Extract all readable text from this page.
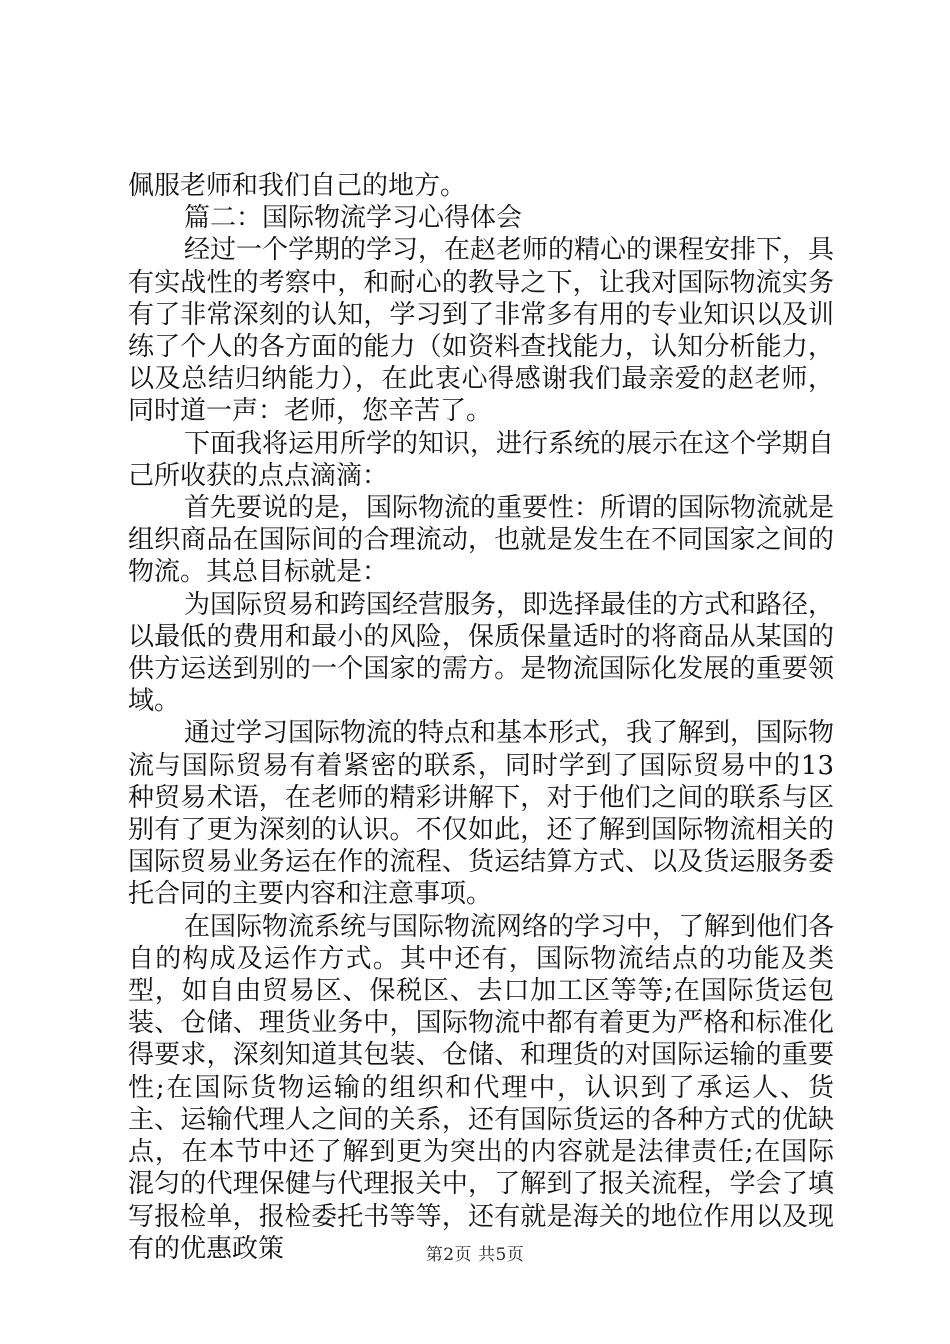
佩服老师和我们自己的地方。

篇二：国际物流学习心得体会

经过一个学期的学习，在赵老师的精心的课程安排下，具有实战性的考察中，和耐心的教导之下，让我对国际物流实务有了非常深刻的认知，学习到了非常多有用的专业知识以及训练了个人的各方面的能力（如资料查找能力，认知分析能力，以及总结归纳能力），在此衷心得感谢我们最亲爱的赵老师，同时道一声：老师，您辛苦了。

下面我将运用所学的知识，进行系统的展示在这个学期自己所收获的点点滴滴：

首先要说的是，国际物流的重要性：所谓的国际物流就是组织商品在国际间的合理流动，也就是发生在不同国家之间的物流。其总目标就是：

为国际贸易和跨国经营服务，即选择最佳的方式和路径，以最低的费用和最小的风险，保质保量适时的将商品从某国的供方运送到别的一个国家的需方。是物流国际化发展的重要领域。

通过学习国际物流的特点和基本形式，我了解到，国际物流与国际贸易有着紧密的联系，同时学到了国际贸易中的13种贸易术语，在老师的精彩讲解下，对于他们之间的联系与区别有了更为深刻的认识。不仅如此，还了解到国际物流相关的国际贸易业务运在作的流程、货运结算方式、以及货运服务委托合同的主要内容和注意事项。

在国际物流系统与国际物流网络的学习中，了解到他们各自的构成及运作方式。其中还有，国际物流结点的功能及类型，如自由贸易区、保税区、去口加工区等等;在国际货运包装、仓储、理货业务中，国际物流中都有着更为严格和标准化得要求，深刻知道其包装、仓储、和理货的对国际运输的重要性;在国际货物运输的组织和代理中，认识到了承运人、货主、运输代理人之间的关系，还有国际货运的各种方式的优缺点，在本节中还了解到更为突出的内容就是法律责任;在国际混匀的代理保健与代理报关中，了解到了报关流程，学会了填写报检单，报检委托书等等，还有就是海关的地位作用以及现有的优惠政策	第2页 共5页
